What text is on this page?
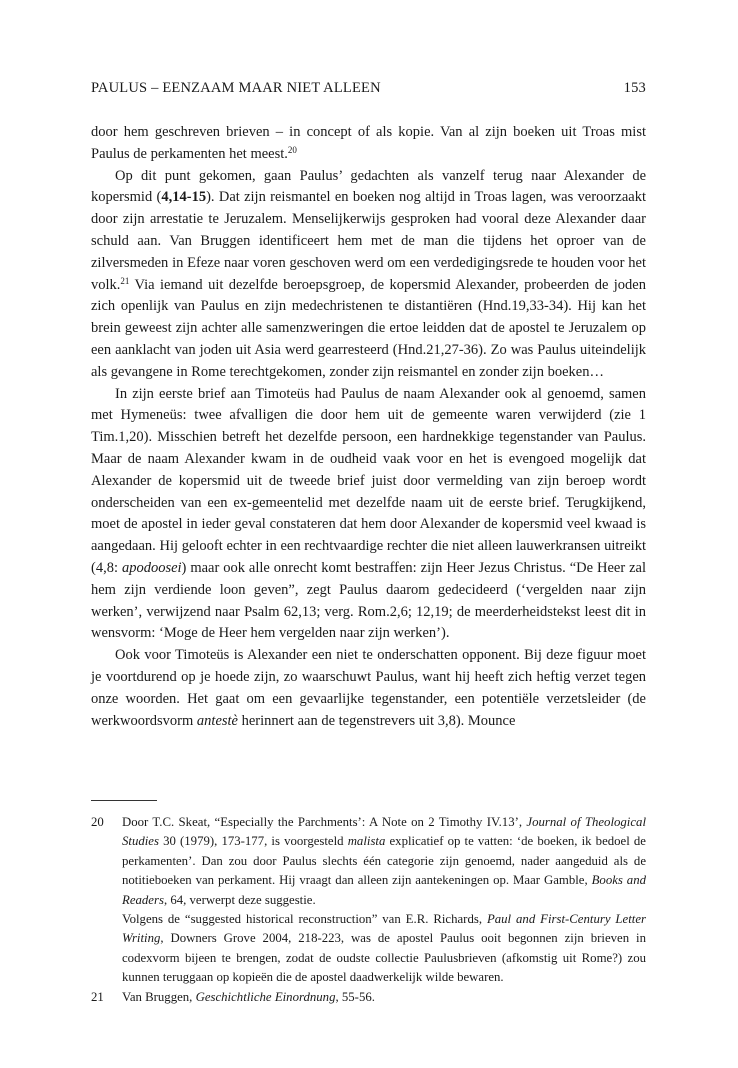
PAULUS – EENZAAM MAAR NIET ALLEEN	153

door hem geschreven brieven – in concept of als kopie. Van al zijn boeken uit Troas mist Paulus de perkamenten het meest.$^{20}$

Op dit punt gekomen, gaan Paulus’ gedachten als vanzelf terug naar Alexander de kopersmid (4,14-15). Dat zijn reismantel en boeken nog altijd in Troas lagen, was veroorzaakt door zijn arrestatie te Jeruzalem. Menselijkerwijs gesproken had vooral deze Alexander daar schuld aan. Van Bruggen identificeert hem met de man die tijdens het oproer van de zilversmeden in Efeze naar voren geschoven werd om een verdedigingsrede te houden voor het volk.$^{21}$ Via iemand uit dezelfde beroepsgroep, de kopersmid Alexander, probeerden de joden zich openlijk van Paulus en zijn medechristenen te distantiëren (Hnd.19,33-34). Hij kan het brein geweest zijn achter alle samenzweringen die ertoe leidden dat de apostel te Jeruzalem op een aanklacht van joden uit Asia werd gearresteerd (Hnd.21,27-36). Zo was Paulus uiteindelijk als gevangene in Rome terechtgekomen, zonder zijn reismantel en zonder zijn boeken…

In zijn eerste brief aan Timoteüs had Paulus de naam Alexander ook al genoemd, samen met Hymeneüs: twee afvalligen die door hem uit de gemeente waren verwijderd (zie 1 Tim.1,20). Misschien betreft het dezelfde persoon, een hardnekkige tegenstander van Paulus. Maar de naam Alexander kwam in de oudheid vaak voor en het is evengoed mogelijk dat Alexander de kopersmid uit de tweede brief juist door vermelding van zijn beroep wordt onderscheiden van een ex-gemeentelid met dezelfde naam uit de eerste brief. Terugkijkend, moet de apostel in ieder geval constateren dat hem door Alexander de kopersmid veel kwaad is aangedaan. Hij gelooft echter in een rechtvaardige rechter die niet alleen lauwerkransen uitreikt (4,8: apodoosei) maar ook alle onrecht komt bestraffen: zijn Heer Jezus Christus. “De Heer zal hem zijn verdiende loon geven”, zegt Paulus daarom gedecideerd (‘vergelden naar zijn werken’, verwijzend naar Psalm 62,13; verg. Rom.2,6; 12,19; de meerderheidstekst leest dit in wensvorm: ‘Moge de Heer hem vergelden naar zijn werken’).

Ook voor Timoteüs is Alexander een niet te onderschatten opponent. Bij deze figuur moet je voortdurend op je hoede zijn, zo waarschuwt Paulus, want hij heeft zich heftig verzet tegen onze woorden. Het gaat om een gevaarlijke tegenstander, een potentiële verzetsleider (de werkwoordsvorm antestè herinnert aan de tegenstrevers uit 3,8). Mounce

20 Door T.C. Skeat, “Especially the Parchments’: A Note on 2 Timothy IV.13’, Journal of Theological Studies 30 (1979), 173-177, is voorgesteld malista explicatief op te vatten: ‘de boeken, ik bedoel de perkamenten’. Dan zou door Paulus slechts één categorie zijn genoemd, nader aangeduid als de notitieboeken van perkament. Hij vraagt dan alleen zijn aantekeningen op. Maar Gamble, Books and Readers, 64, verwerpt deze suggestie.

Volgens de “suggested historical reconstruction” van E.R. Richards, Paul and First-Century Letter Writing, Downers Grove 2004, 218-223, was de apostel Paulus ooit begonnen zijn brieven in codexvorm bijeen te brengen, zodat de oudste collectie Paulusbrieven (afkomstig uit Rome?) zou kunnen teruggaan op kopieën die de apostel daadwerkelijk wilde bewaren.

21 Van Bruggen, Geschichtliche Einordnung, 55-56.
